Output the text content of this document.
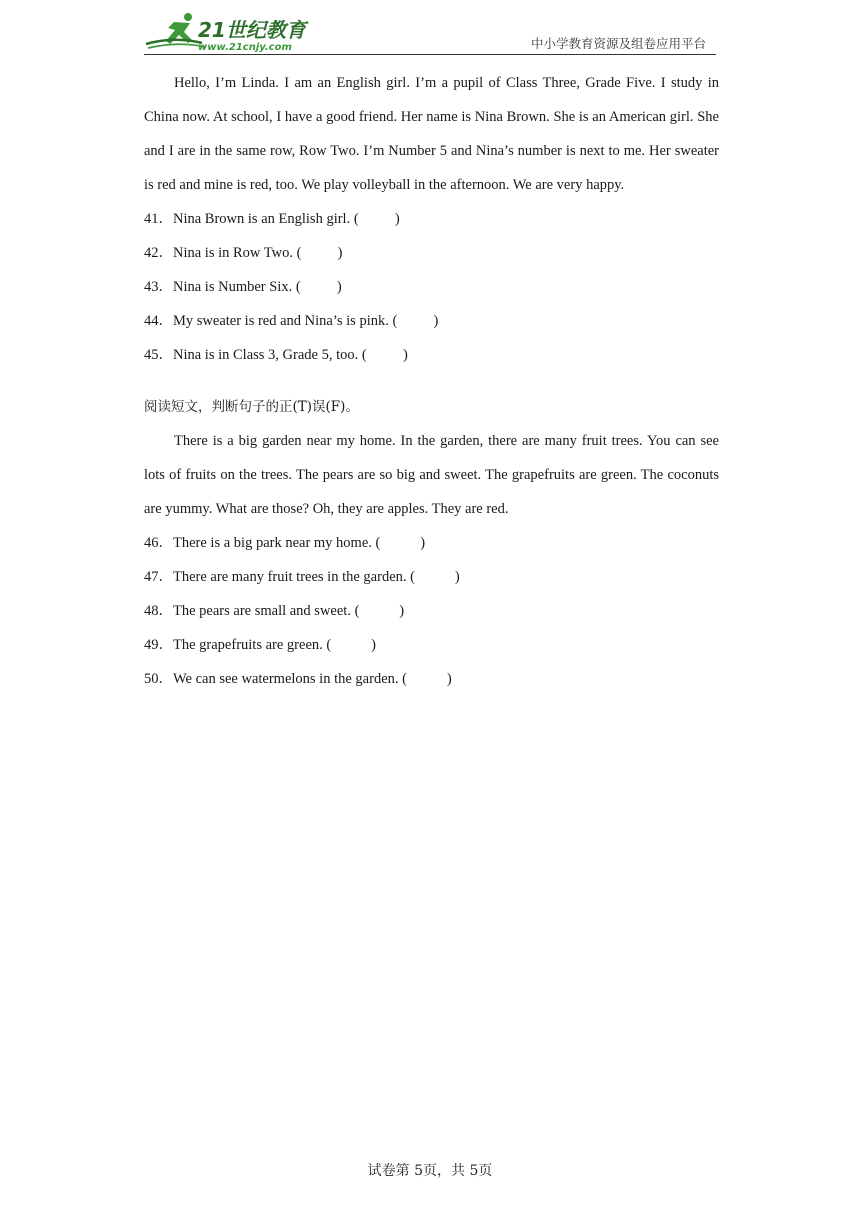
21世纪教育
www.21cnjy.com	中小学教育资源及组卷应用平台

Hello, I’m Linda. I am an English girl. I’m a pupil of Class Three, Grade Five. I study in China now. At school, I have a good friend. Her name is Nina Brown. She is an American girl. She and I are in the same row, Row Two. I’m Number 5 and Nina’s number is next to me. Her sweater is red and mine is red, too. We play volleyball in the afternoon. We are very happy.

41．Nina Brown is an English girl. (          )

42．Nina is in Row Two. (          )

43．Nina is Number Six. (          )

44．My sweater is red and Nina’s is pink. (          )

45．Nina is in Class 3, Grade 5, too. (          )

阅读短文，判断句子的正(T)误(F)。

There is a big garden near my home. In the garden, there are many fruit trees. You can see lots of fruits on the trees. The pears are so big and sweet. The grapefruits are green. The coconuts are yummy. What are those? Oh, they are apples. They are red.

46．There is a big park near my home. (           )

47．There are many fruit trees in the garden. (           )

48．The pears are small and sweet. (           )

49．The grapefruits are green. (           )

50．We can see watermelons in the garden. (           )

试卷第 5页，共 5页
